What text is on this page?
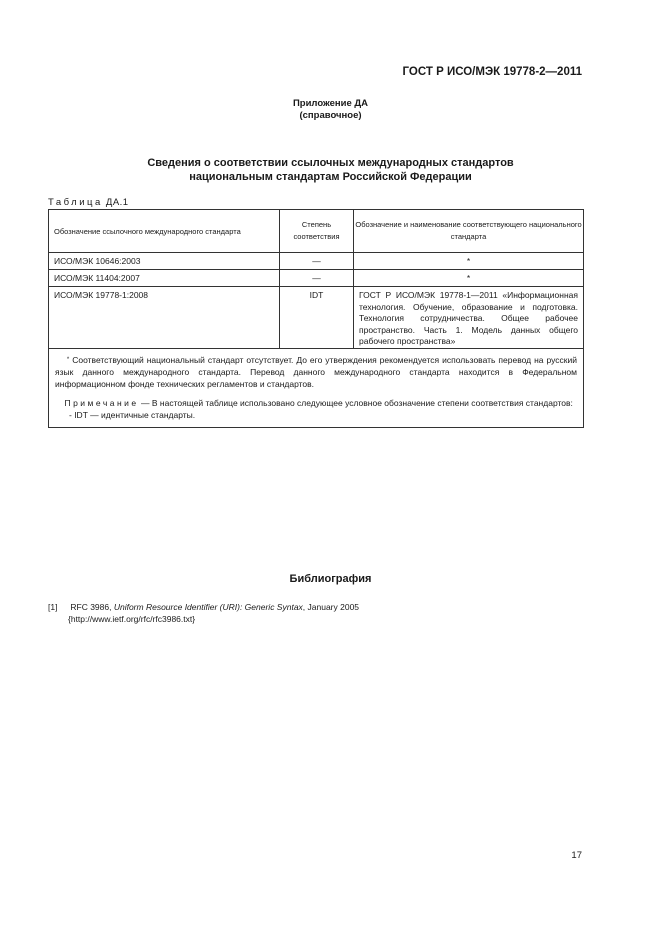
ГОСТ Р ИСО/МЭК 19778-2—2011
Приложение ДА
(справочное)
Сведения о соответствии ссылочных международных стандартов
национальным стандартам Российской Федерации
Таблица ДА.1
Обозначение ссылочного международного стандарта	Степень соответствия	Обозначение и наименование соответствующего национального стандарта
ИСО/МЭК 10646:2003	—	*
ИСО/МЭК 11404:2007	—	*
ИСО/МЭК 19778-1:2008	IDT	ГОСТ Р ИСО/МЭК 19778-1—2011 «Информационная технология. Обучение, образование и подготовка. Технология сотрудничества. Общее рабочее пространство. Часть 1. Модель данных общего рабочего пространства»

* Соответствующий национальный стандарт отсутствует. До его утверждения рекомендуется использовать перевод на русский язык данного международного стандарта. Перевод данного международного стандарта находится в Федеральном информационном фонде технических регламентов и стандартов.
Примечание — В настоящей таблице использовано следующее условное обозначение степени соответствия стандартов:
- IDT — идентичные стандарты.		
Библиография
[1] RFC 3986, Uniform Resource Identifier (URI): Generic Syntax, January 2005
{http://www.ietf.org/rfc/rfc3986.txt}
17
